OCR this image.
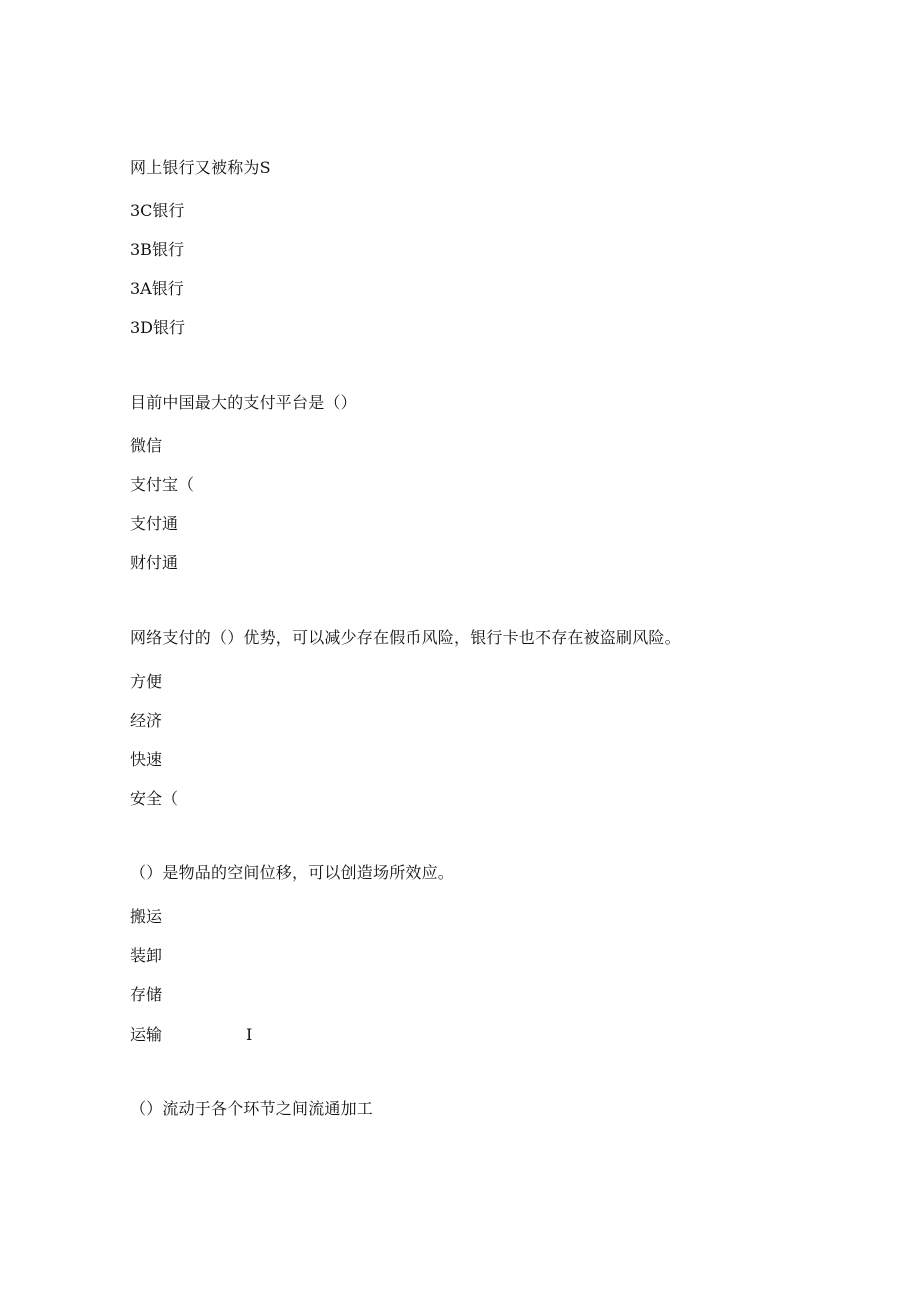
网上银行又被称为S
3C银行
3B银行
3A银行
3D银行
目前中国最大的支付平台是（）
微信
支付宝（
支付通
财付通
网络支付的（）优势，可以减少存在假币风险，银行卡也不存在被盗刷风险。
方便
经济
快速
安全（
（）是物品的空间位移，可以创造场所效应。
搬运
装卸
存储
运输	I
（）流动于各个环节之间流通加工
